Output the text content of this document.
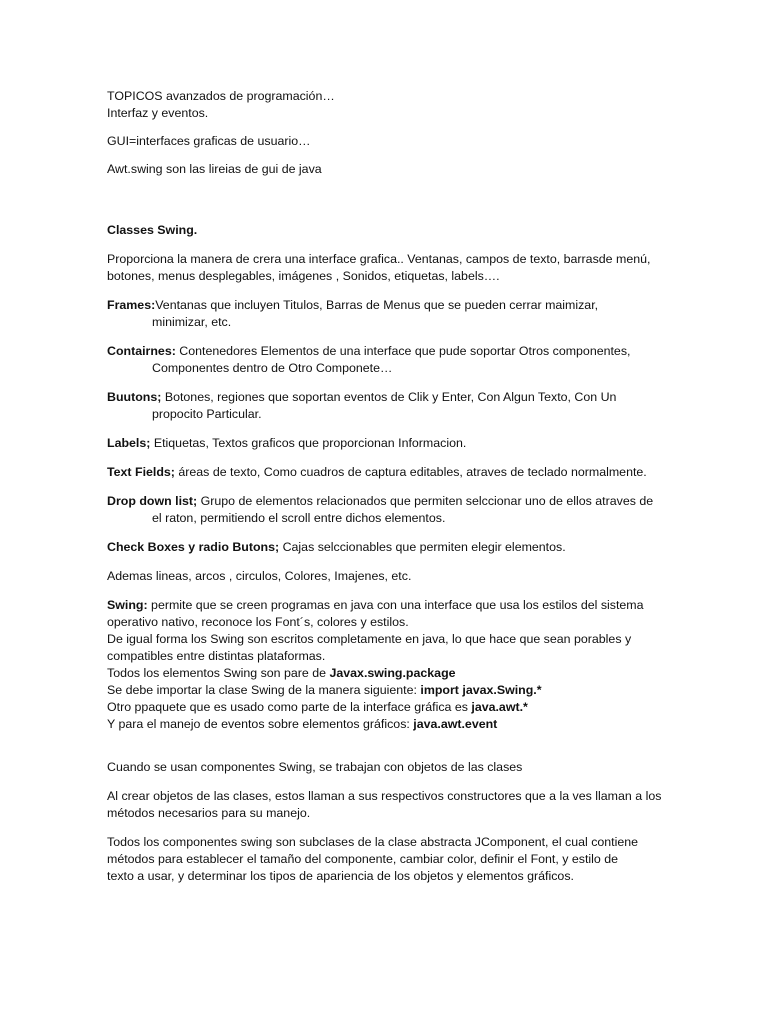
TOPICOS avanzados de programación…

Interfaz y eventos.

GUI=interfaces graficas de usuario…

Awt.swing son las lireias de gui de java

Classes Swing.

Proporciona la manera de crera una interface grafica.. Ventanas, campos de texto, barrasde menú,

botones, menus desplegables, imágenes , Sonidos, etiquetas, labels….

Frames:Ventanas que incluyen Titulos, Barras de Menus que se pueden cerrar maimizar,

minimizar, etc.

Contairnes: Contenedores Elementos de una interface que pude soportar Otros componentes,

Componentes dentro de Otro Componete…

Buutons; Botones, regiones que soportan eventos de Clik y Enter, Con Algun Texto, Con Un

propocito Particular.

Labels; Etiquetas, Textos graficos que proporcionan Informacion.

Text Fields; áreas de texto, Como cuadros de captura editables, atraves de teclado normalmente.

Drop down list; Grupo de elementos relacionados que permiten selccionar uno de ellos atraves de

el raton, permitiendo el scroll entre dichos elementos.

Check Boxes y radio Butons; Cajas selccionables que permiten elegir elementos.

Ademas lineas, arcos , circulos, Colores, Imajenes, etc.

Swing: permite que se creen programas en java con una interface que usa los estilos del sistema

operativo nativo, reconoce los Font´s, colores y estilos.

De igual forma los Swing son escritos completamente en java, lo que hace que sean porables y

compatibles entre distintas plataformas.

Todos los elementos Swing son pare de Javax.swing.package

Se debe importar la clase Swing de la manera siguiente: import javax.Swing.*

Otro ppaquete que es usado como parte de la interface gráfica es java.awt.*

Y para el manejo de eventos sobre elementos gráficos: java.awt.event

Cuando se usan componentes Swing, se trabajan con objetos de las clases

Al crear objetos de las clases, estos llaman a sus respectivos constructores que a la ves llaman a los

métodos necesarios para su manejo.

Todos los componentes swing son subclases de la clase abstracta JComponent, el cual contiene

métodos para establecer el tamaño del componente, cambiar color, definir el Font, y estilo de

texto a usar, y determinar los tipos de apariencia de los objetos y elementos gráficos.
